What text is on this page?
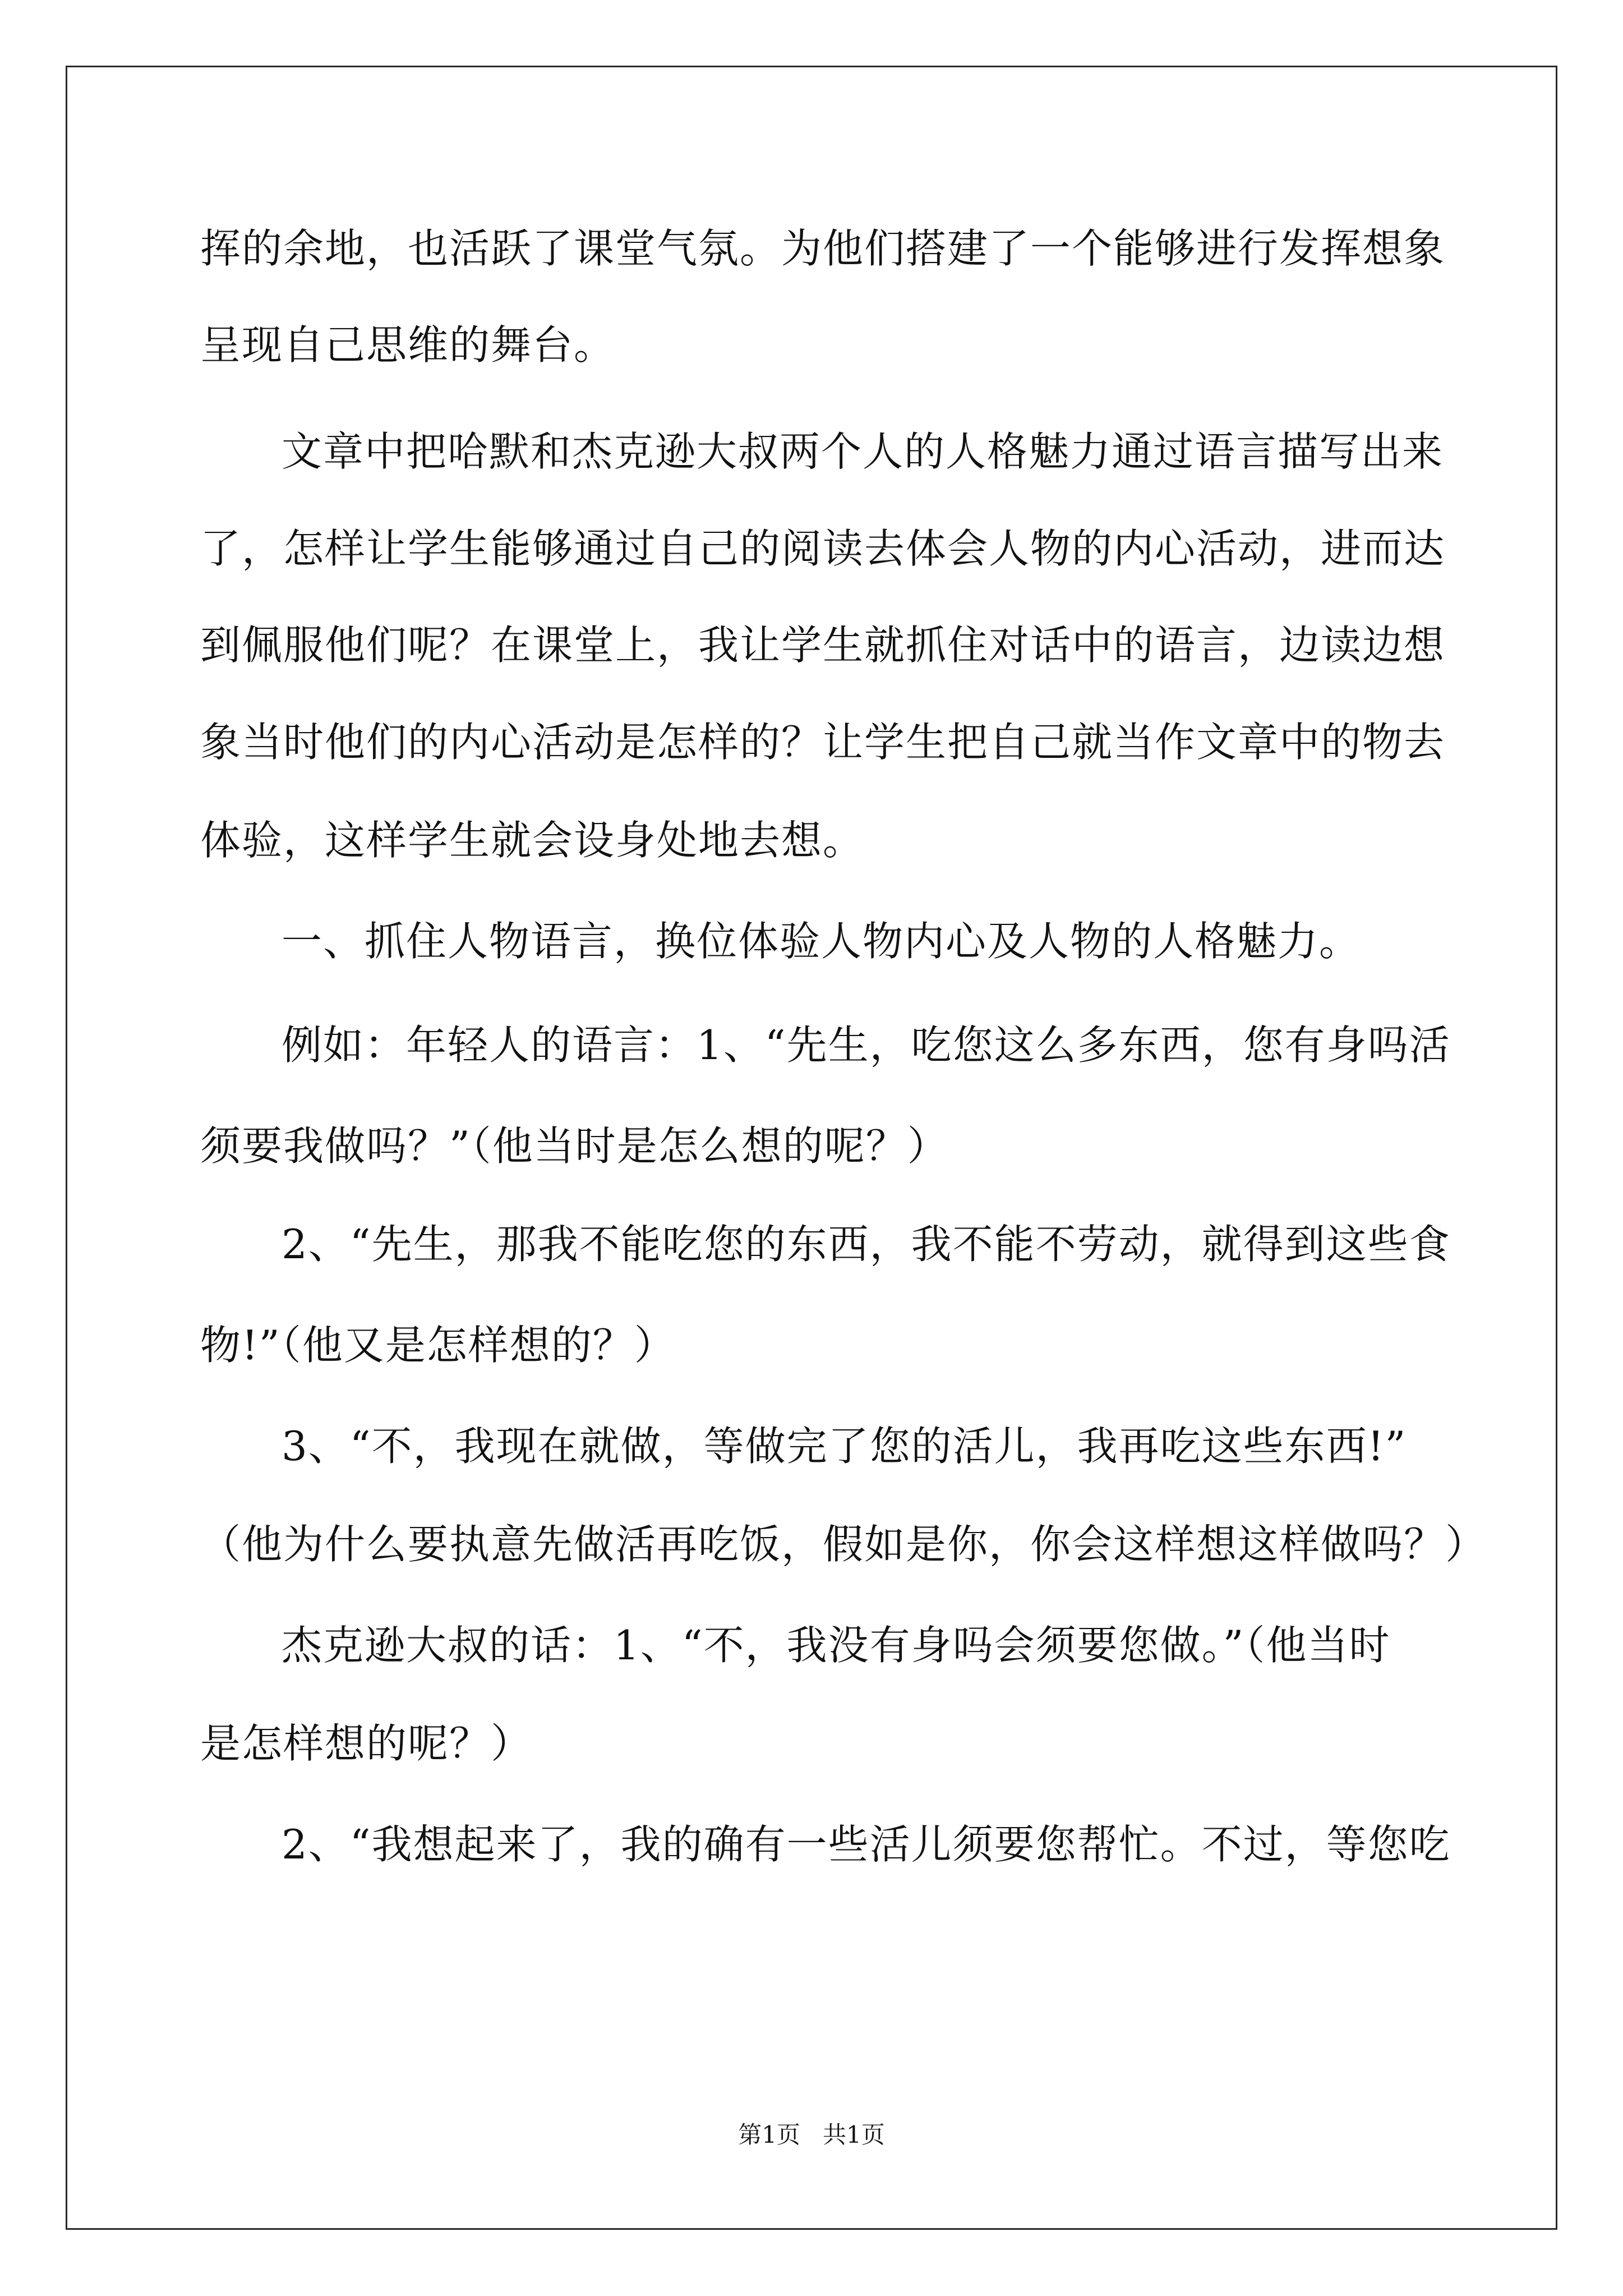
挥的余地，也活跃了课堂气氛。为他们搭建了一个能够进行发挥想象
呈现自己思维的舞台。
文章中把哈默和杰克逊大叔两个人的人格魅力通过语言描写出来
了，怎样让学生能够通过自己的阅读去体会人物的内心活动，进而达
到佩服他们呢？在课堂上，我让学生就抓住对话中的语言，边读边想
象当时他们的内心活动是怎样的？让学生把自己就当作文章中的物去
体验，这样学生就会设身处地去想。
一、抓住人物语言，换位体验人物内心及人物的人格魅力。
例如：年轻人的语言：1、“先生，吃您这么多东西，您有身吗活
须要我做吗？”（他当时是怎么想的呢？）
2、“先生，那我不能吃您的东西，我不能不劳动，就得到这些食
物!”（他又是怎样想的？）
3、“不，我现在就做，等做完了您的活儿，我再吃这些东西!”
（他为什么要执意先做活再吃饭，假如是你，你会这样想这样做吗？）
杰克逊大叔的话：1、“不，我没有身吗会须要您做。”（他当时
是怎样想的呢？）
2、“我想起来了，我的确有一些活儿须要您帮忙。不过，等您吃
第1页   共1页
